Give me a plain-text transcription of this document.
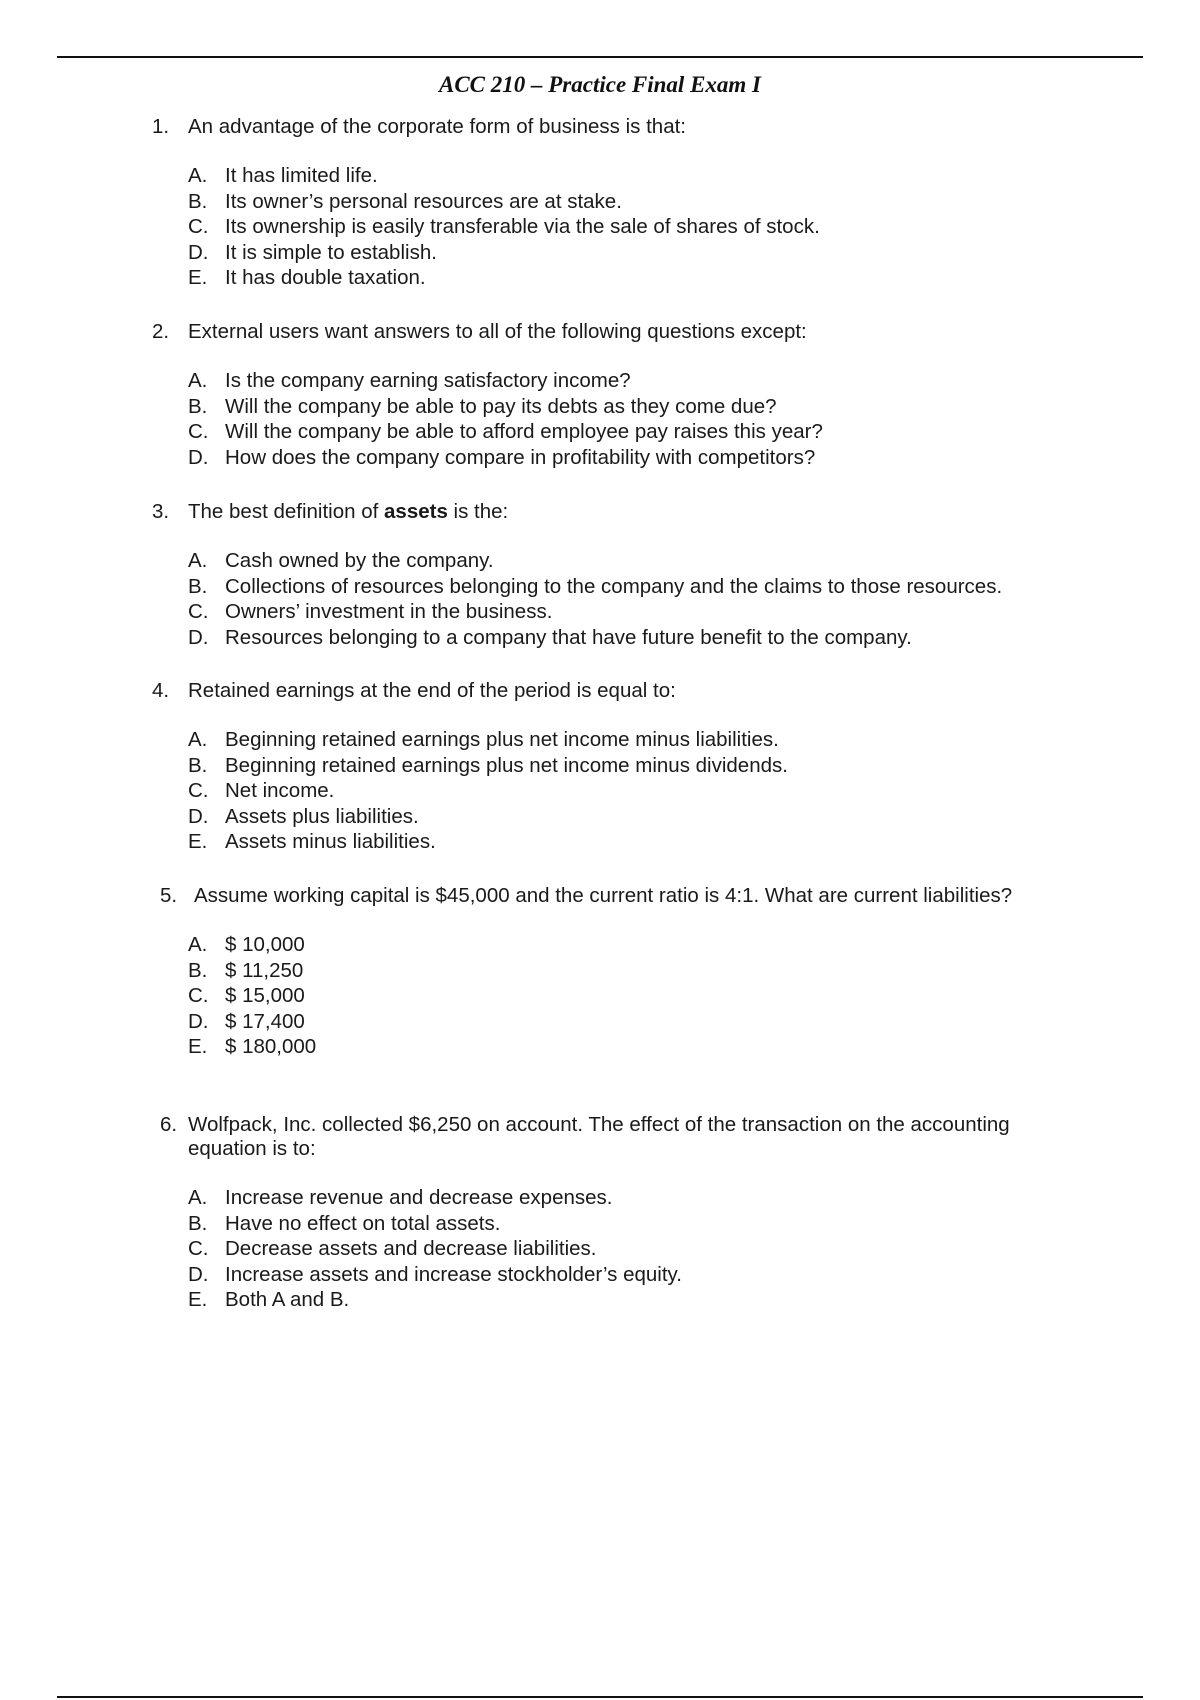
ACC 210 – Practice Final Exam I

1. An advantage of the corporate form of business is that:

A. It has limited life.
B. Its owner’s personal resources are at stake.
C. Its ownership is easily transferable via the sale of shares of stock.
D. It is simple to establish.
E. It has double taxation.

2. External users want answers to all of the following questions except:

A. Is the company earning satisfactory income?
B. Will the company be able to pay its debts as they come due?
C. Will the company be able to afford employee pay raises this year?
D. How does the company compare in profitability with competitors?

3. The best definition of assets is the:

A. Cash owned by the company.
B. Collections of resources belonging to the company and the claims to those resources.
C. Owners’ investment in the business.
D. Resources belonging to a company that have future benefit to the company.

4. Retained earnings at the end of the period is equal to:

A. Beginning retained earnings plus net income minus liabilities.
B. Beginning retained earnings plus net income minus dividends.
C. Net income.
D. Assets plus liabilities.
E. Assets minus liabilities.

5. Assume working capital is $45,000 and the current ratio is 4:1. What are current liabilities?

A. $ 10,000
B. $ 11,250
C. $ 15,000
D. $ 17,400
E. $ 180,000

6. Wolfpack, Inc. collected $6,250 on account. The effect of the transaction on the accounting equation is to:

A. Increase revenue and decrease expenses.
B. Have no effect on total assets.
C. Decrease assets and decrease liabilities.
D. Increase assets and increase stockholder’s equity.
E. Both A and B.
